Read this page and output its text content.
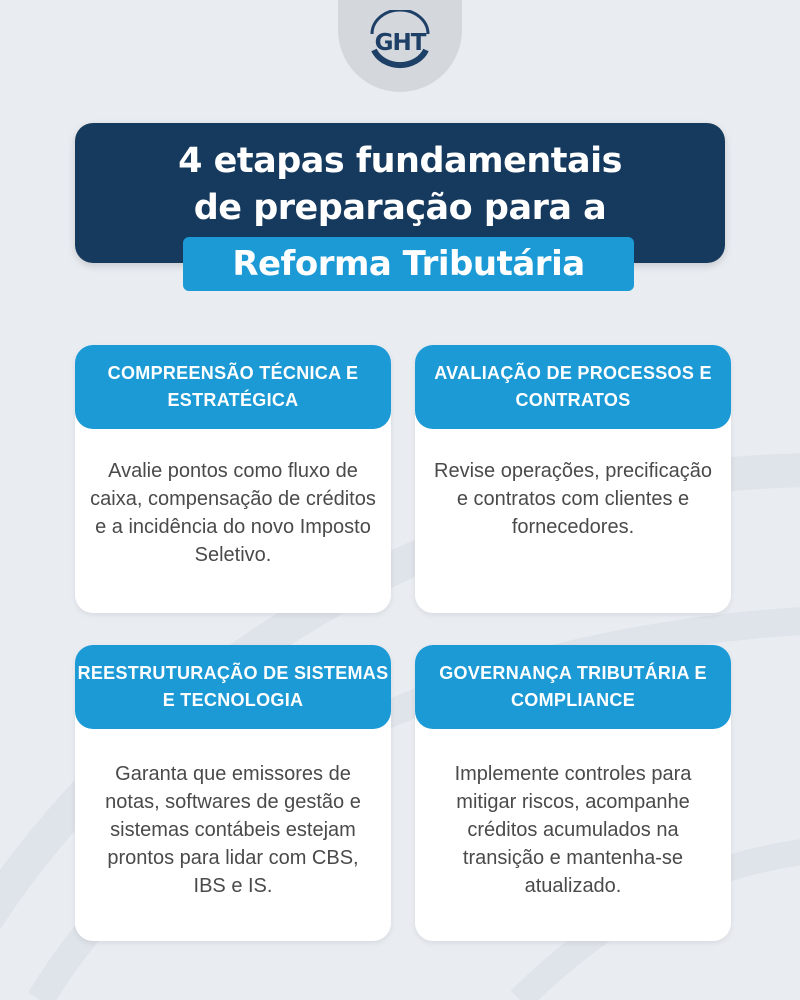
GHT
4 etapas fundamentais
de preparação para a
Reforma Tributária
COMPREENSÃO TÉCNICA E ESTRATÉGICA
Avalie pontos como fluxo de caixa, compensação de créditos e a incidência do novo Imposto Seletivo.
AVALIAÇÃO DE PROCESSOS E CONTRATOS
Revise operações, precificação e contratos com clientes e fornecedores.
REESTRUTURAÇÃO DE SISTEMAS E TECNOLOGIA
Garanta que emissores de notas, softwares de gestão e sistemas contábeis estejam prontos para lidar com CBS, IBS e IS.
GOVERNANÇA TRIBUTÁRIA E COMPLIANCE
Implemente controles para mitigar riscos, acompanhe créditos acumulados na transição e mantenha-se atualizado.
